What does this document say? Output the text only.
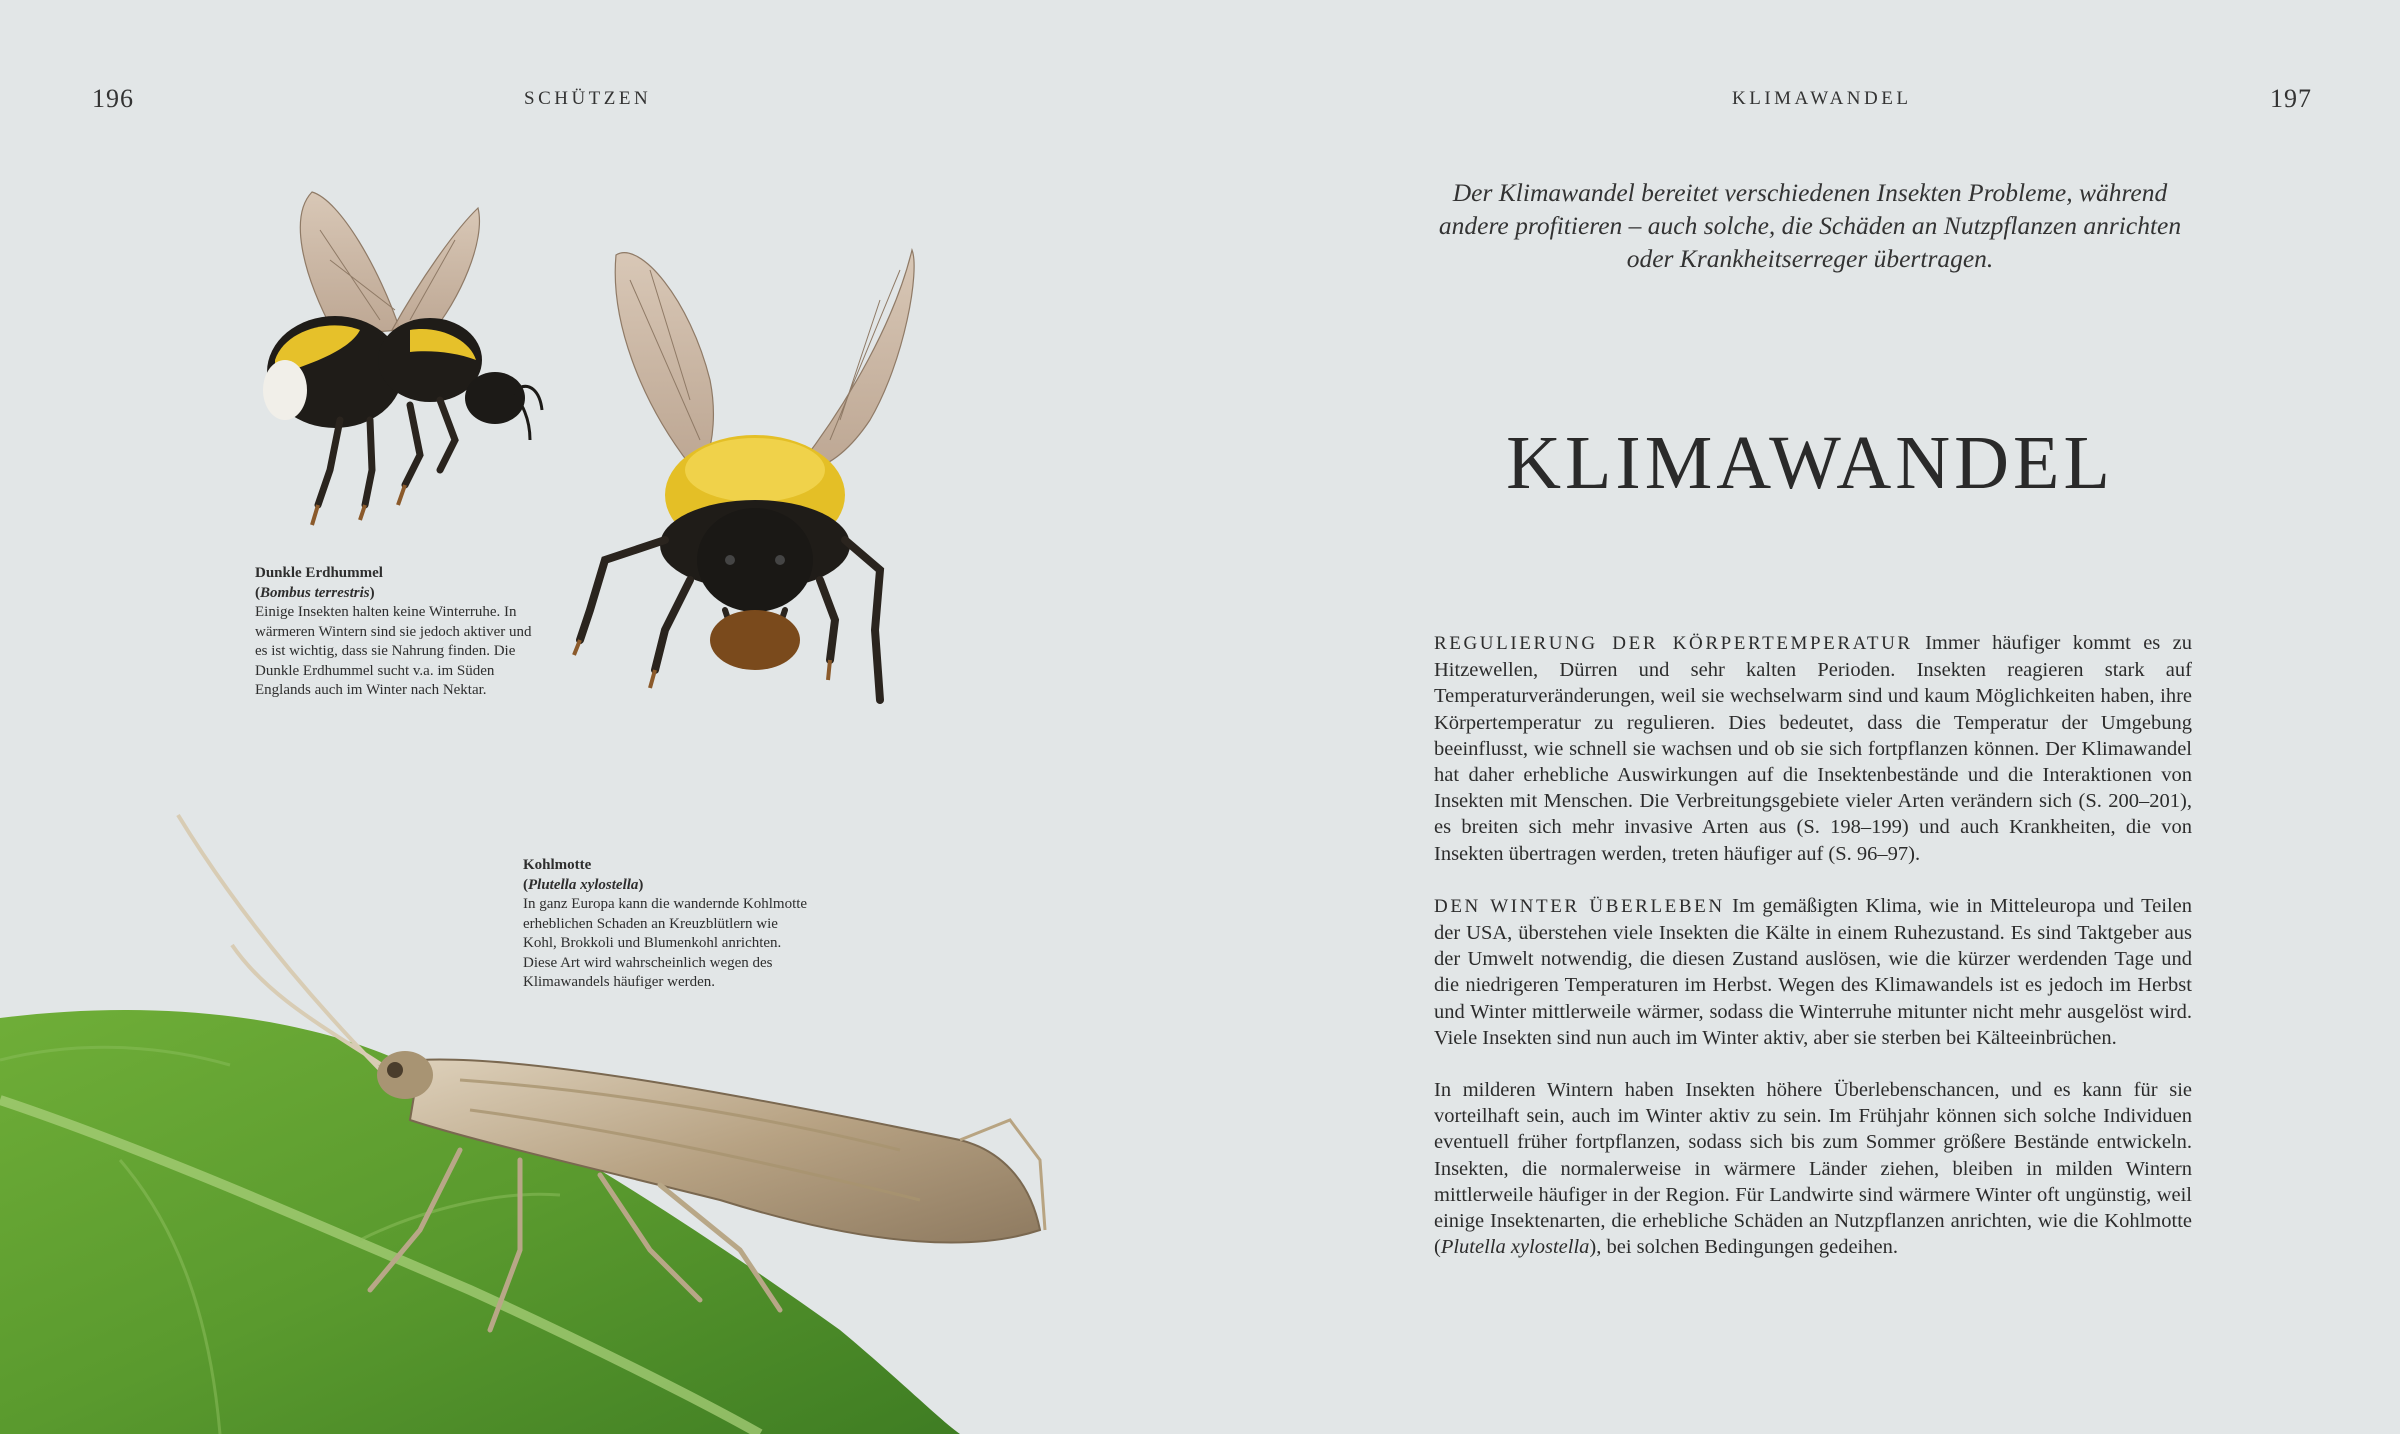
196	SCHÜTZEN	KLIMAWANDEL	197
Dunkle Erdhummel
(Bombus terrestris)
Einige Insekten halten keine Winterruhe. In wärmeren Wintern sind sie jedoch aktiver und es ist wichtig, dass sie Nahrung finden. Die Dunkle Erdhummel sucht v.a. im Süden Englands auch im Winter nach Nektar.
Kohlmotte
(Plutella xylostella)
In ganz Europa kann die wandernde Kohlmotte erheblichen Schaden an Kreuzblütlern wie Kohl, Brokkoli und Blumenkohl anrichten. Diese Art wird wahrscheinlich wegen des Klimawandels häufiger werden.
Der Klimawandel bereitet verschiedenen Insekten Probleme, während andere profitieren – auch solche, die Schäden an Nutzpflanzen anrichten oder Krankheitserreger übertragen.
KLIMAWANDEL

REGULIERUNG DER KÖRPERTEMPERATUR Immer häufiger kommt es zu Hitzewellen, Dürren und sehr kalten Perioden. Insekten reagieren stark auf Temperaturveränderungen, weil sie wechselwarm sind und kaum Möglichkeiten haben, ihre Körpertemperatur zu regulieren. Dies bedeutet, dass die Temperatur der Umgebung beeinflusst, wie schnell sie wachsen und ob sie sich fortpflanzen können. Der Klimawandel hat daher erhebliche Auswirkungen auf die Insektenbestände und die Interaktionen von Insekten mit Menschen. Die Verbreitungsgebiete vieler Arten verändern sich (S. 200–201), es breiten sich mehr invasive Arten aus (S. 198–199) und auch Krankheiten, die von Insekten übertragen werden, treten häufiger auf (S. 96–97).

DEN WINTER ÜBERLEBEN Im gemäßigten Klima, wie in Mitteleuropa und Teilen der USA, überstehen viele Insekten die Kälte in einem Ruhezustand. Es sind Taktgeber aus der Umwelt notwendig, die diesen Zustand auslösen, wie die kürzer werdenden Tage und die niedrigeren Temperaturen im Herbst. Wegen des Klimawandels ist es jedoch im Herbst und Winter mittlerweile wärmer, sodass die Winterruhe mitunter nicht mehr ausgelöst wird. Viele Insekten sind nun auch im Winter aktiv, aber sie sterben bei Kälteeinbrüchen.

In milderen Wintern haben Insekten höhere Überlebenschancen, und es kann für sie vorteilhaft sein, auch im Winter aktiv zu sein. Im Frühjahr können sich solche Individuen eventuell früher fortpflanzen, sodass sich bis zum Sommer größere Bestände entwickeln. Insekten, die normalerweise in wärmere Länder ziehen, bleiben in milden Wintern mittlerweile häufiger in der Region. Für Landwirte sind wärmere Winter oft ungünstig, weil einige Insektenarten, die erhebliche Schäden an Nutzpflanzen anrichten, wie die Kohlmotte (Plutella xylostella), bei solchen Bedingungen gedeihen.
